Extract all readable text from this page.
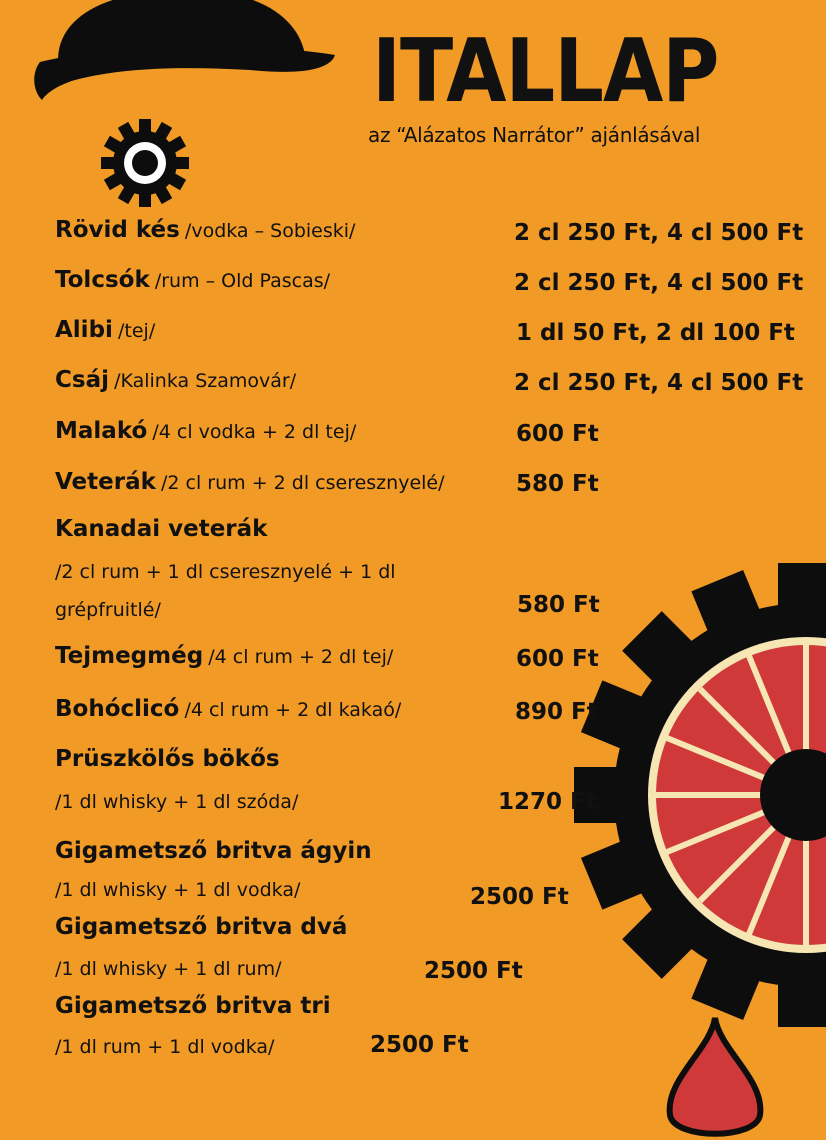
ITALLAP
az “Alázatos Narrátor” ajánlásával
Rövid kés /vodka – Sobieski/	2 cl 250 Ft, 4 cl 500 Ft
Tolcsók /rum – Old Pascas/	2 cl 250 Ft, 4 cl 500 Ft
Alibi /tej/	1 dl 50 Ft, 2 dl 100 Ft
Csáj /Kalinka Szamovár/	2 cl 250 Ft, 4 cl 500 Ft
Malakó /4 cl vodka + 2 dl tej/	600 Ft
Veterák /2 cl rum + 2 dl cseresznyelé/	580 Ft
Kanadai veterák
/2 cl rum + 1 dl cseresznyelé + 1 dl
grépfruitlé/	580 Ft
Tejmegmég /4 cl rum + 2 dl tej/	600 Ft
Bohóclicó /4 cl rum + 2 dl kakaó/	890 Ft
Prüszkölős bökős
/1 dl whisky + 1 dl szóda/	1270 Ft
Gigametsző britva ágyin
/1 dl whisky + 1 dl vodka/	2500 Ft
Gigametsző britva dvá
/1 dl whisky + 1 dl rum/	2500 Ft
Gigametsző britva tri
/1 dl rum + 1 dl vodka/	2500 Ft
